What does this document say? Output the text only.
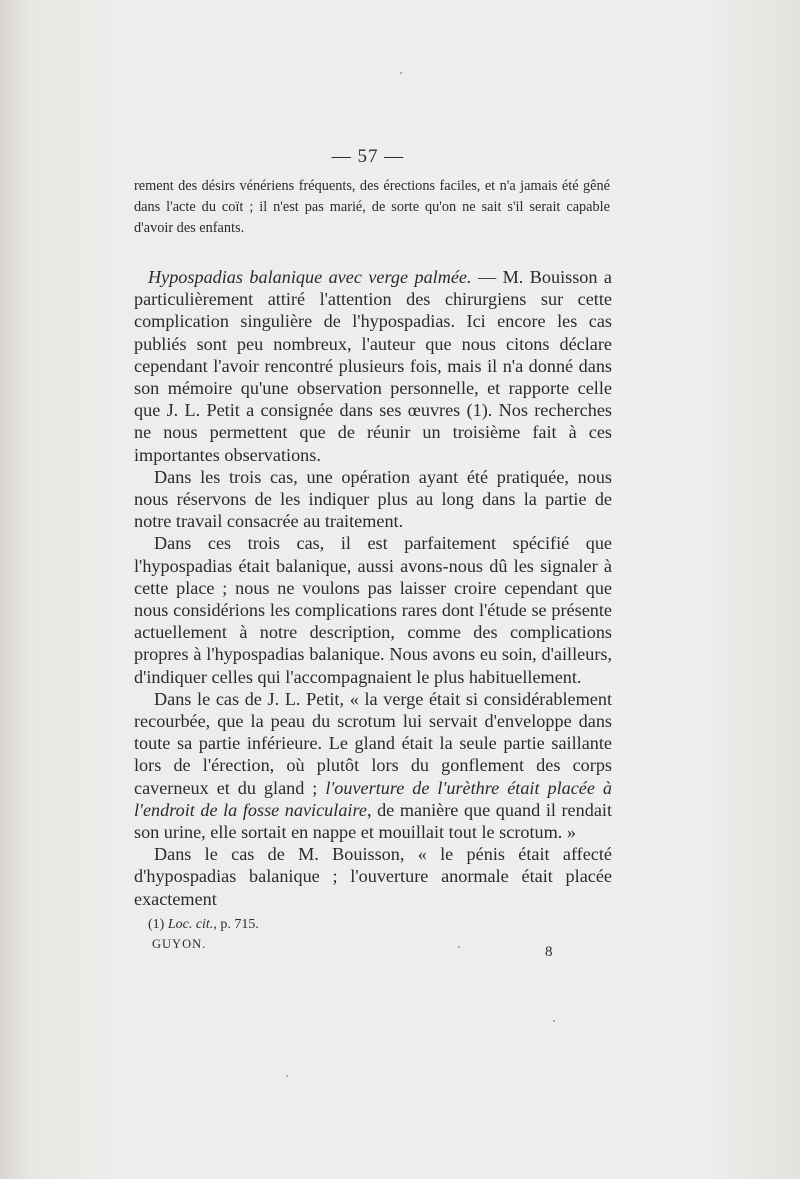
— 57 —

rement des désirs vénériens fréquents, des érections faciles, et n'a jamais été gêné dans l'acte du coït ; il n'est pas marié, de sorte qu'on ne sait s'il serait capable d'avoir des enfants.

Hypospadias balanique avec verge palmée. — M. Bouisson a particulièrement attiré l'attention des chirurgiens sur cette complication singulière de l'hypospadias. Ici encore les cas publiés sont peu nombreux, l'auteur que nous citons déclare cependant l'avoir rencontré plusieurs fois, mais il n'a donné dans son mémoire qu'une observation personnelle, et rapporte celle que J. L. Petit a consignée dans ses œuvres (1). Nos recherches ne nous permettent que de réunir un troisième fait à ces importantes observations.

Dans les trois cas, une opération ayant été pratiquée, nous nous réservons de les indiquer plus au long dans la partie de notre travail consacrée au traitement.

Dans ces trois cas, il est parfaitement spécifié que l'hypospadias était balanique, aussi avons-nous dû les signaler à cette place ; nous ne voulons pas laisser croire cependant que nous considérions les complications rares dont l'étude se présente actuellement à notre description, comme des complications propres à l'hypospadias balanique. Nous avons eu soin, d'ailleurs, d'indiquer celles qui l'accompagnaient le plus habituellement.

Dans le cas de J. L. Petit, « la verge était si considérablement recourbée, que la peau du scrotum lui servait d'enveloppe dans toute sa partie inférieure. Le gland était la seule partie saillante lors de l'érection, où plutôt lors du gonflement des corps caverneux et du gland ; l'ouverture de l'urèthre était placée à l'endroit de la fosse naviculaire, de manière que quand il rendait son urine, elle sortait en nappe et mouillait tout le scrotum. »

Dans le cas de M. Bouisson, « le pénis était affecté d'hypospadias balanique ; l'ouverture anormale était placée exactement

(1) Loc. cit., p. 715.
GUYON.	8
